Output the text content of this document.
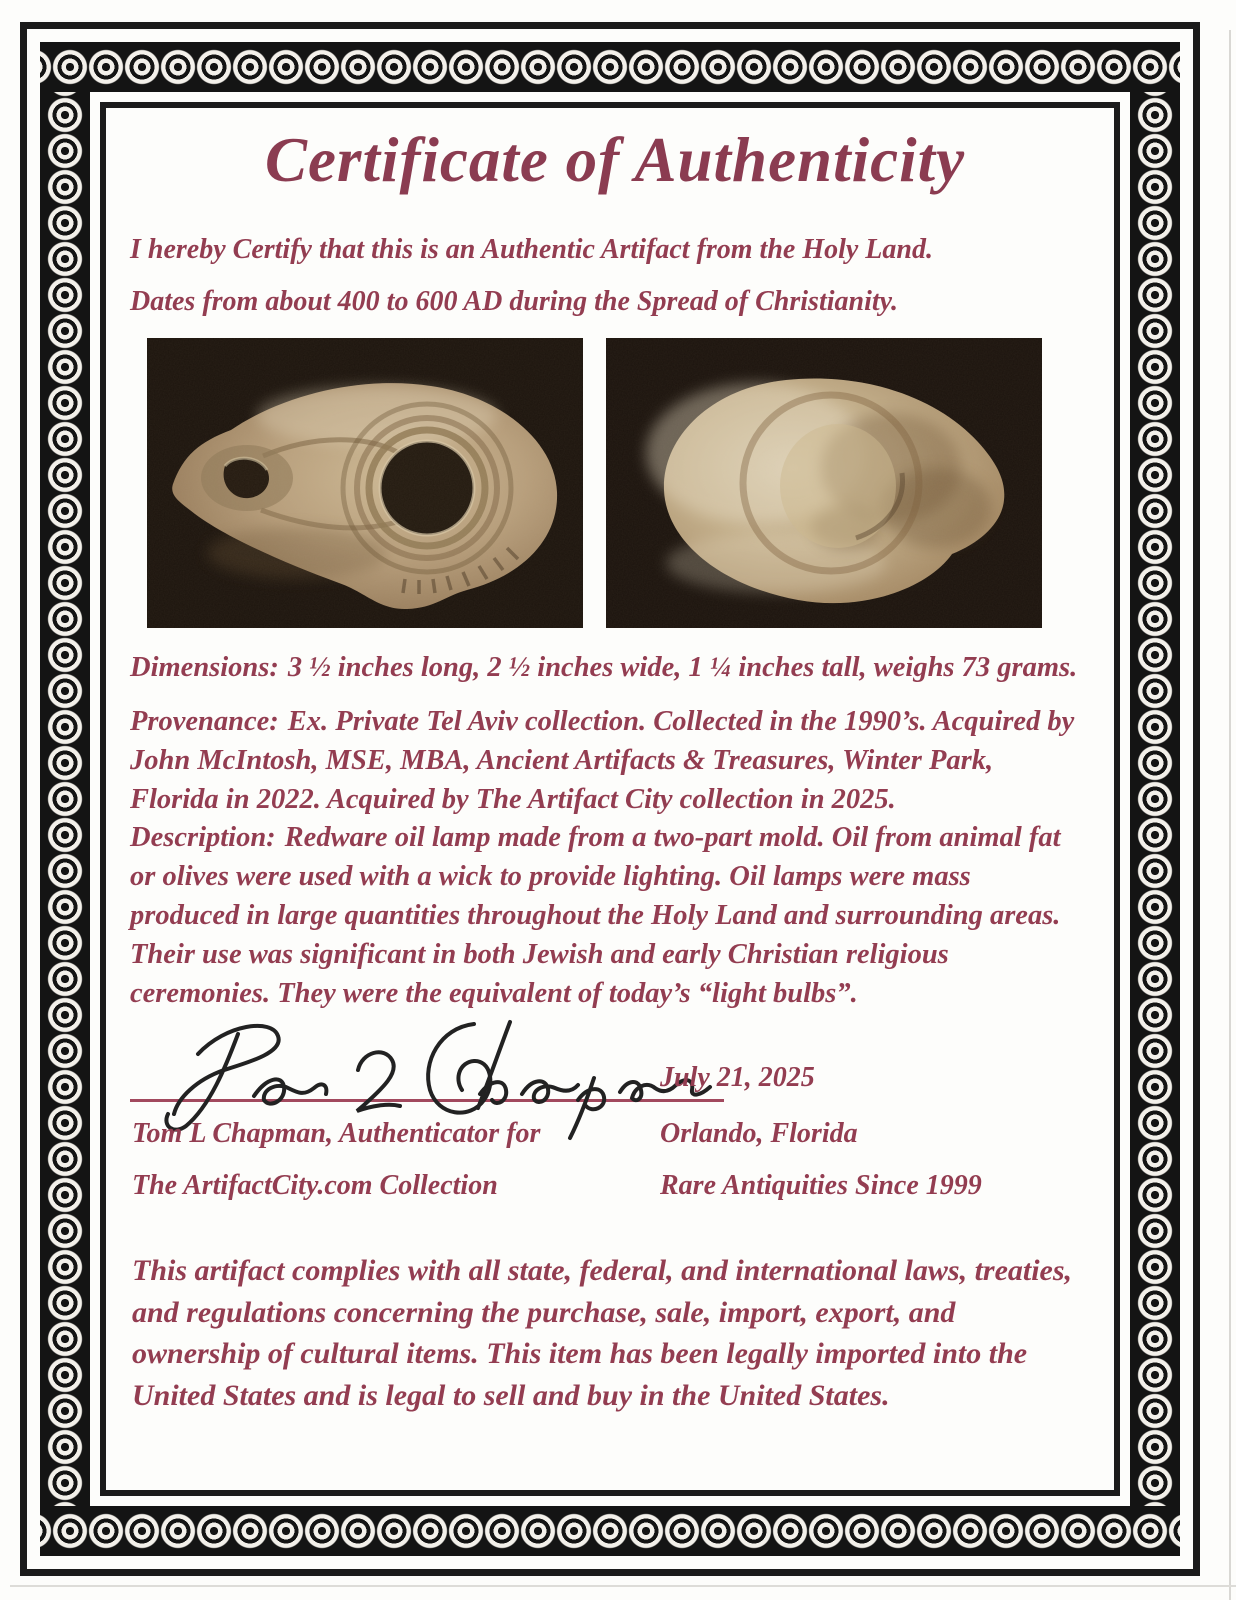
Certificate of Authenticity
I hereby Certify that this is an Authentic Artifact from the Holy Land.
Dates from about 400 to 600 AD during the Spread of Christianity.

Dimensions: 3 ½ inches long, 2 ½ inches wide, 1 ¼ inches tall, weighs 73 grams.

Provenance: Ex. Private Tel Aviv collection. Collected in the 1990’s. Acquired by John McIntosh, MSE, MBA, Ancient Artifacts & Treasures, Winter Park, Florida in 2022. Acquired by The Artifact City collection in 2025.

Description: Redware oil lamp made from a two-part mold. Oil from animal fat or olives were used with a wick to provide lighting. Oil lamps were mass produced in large quantities throughout the Holy Land and surrounding areas. Their use was significant in both Jewish and early Christian religious ceremonies. They were the equivalent of today’s “light bulbs”.

July 21, 2025
Tom L Chapman, Authenticator for	Orlando, Florida
The ArtifactCity.com Collection	Rare Antiquities Since 1999

This artifact complies with all state, federal, and international laws, treaties, and regulations concerning the purchase, sale, import, export, and ownership of cultural items. This item has been legally imported into the United States and is legal to sell and buy in the United States.
